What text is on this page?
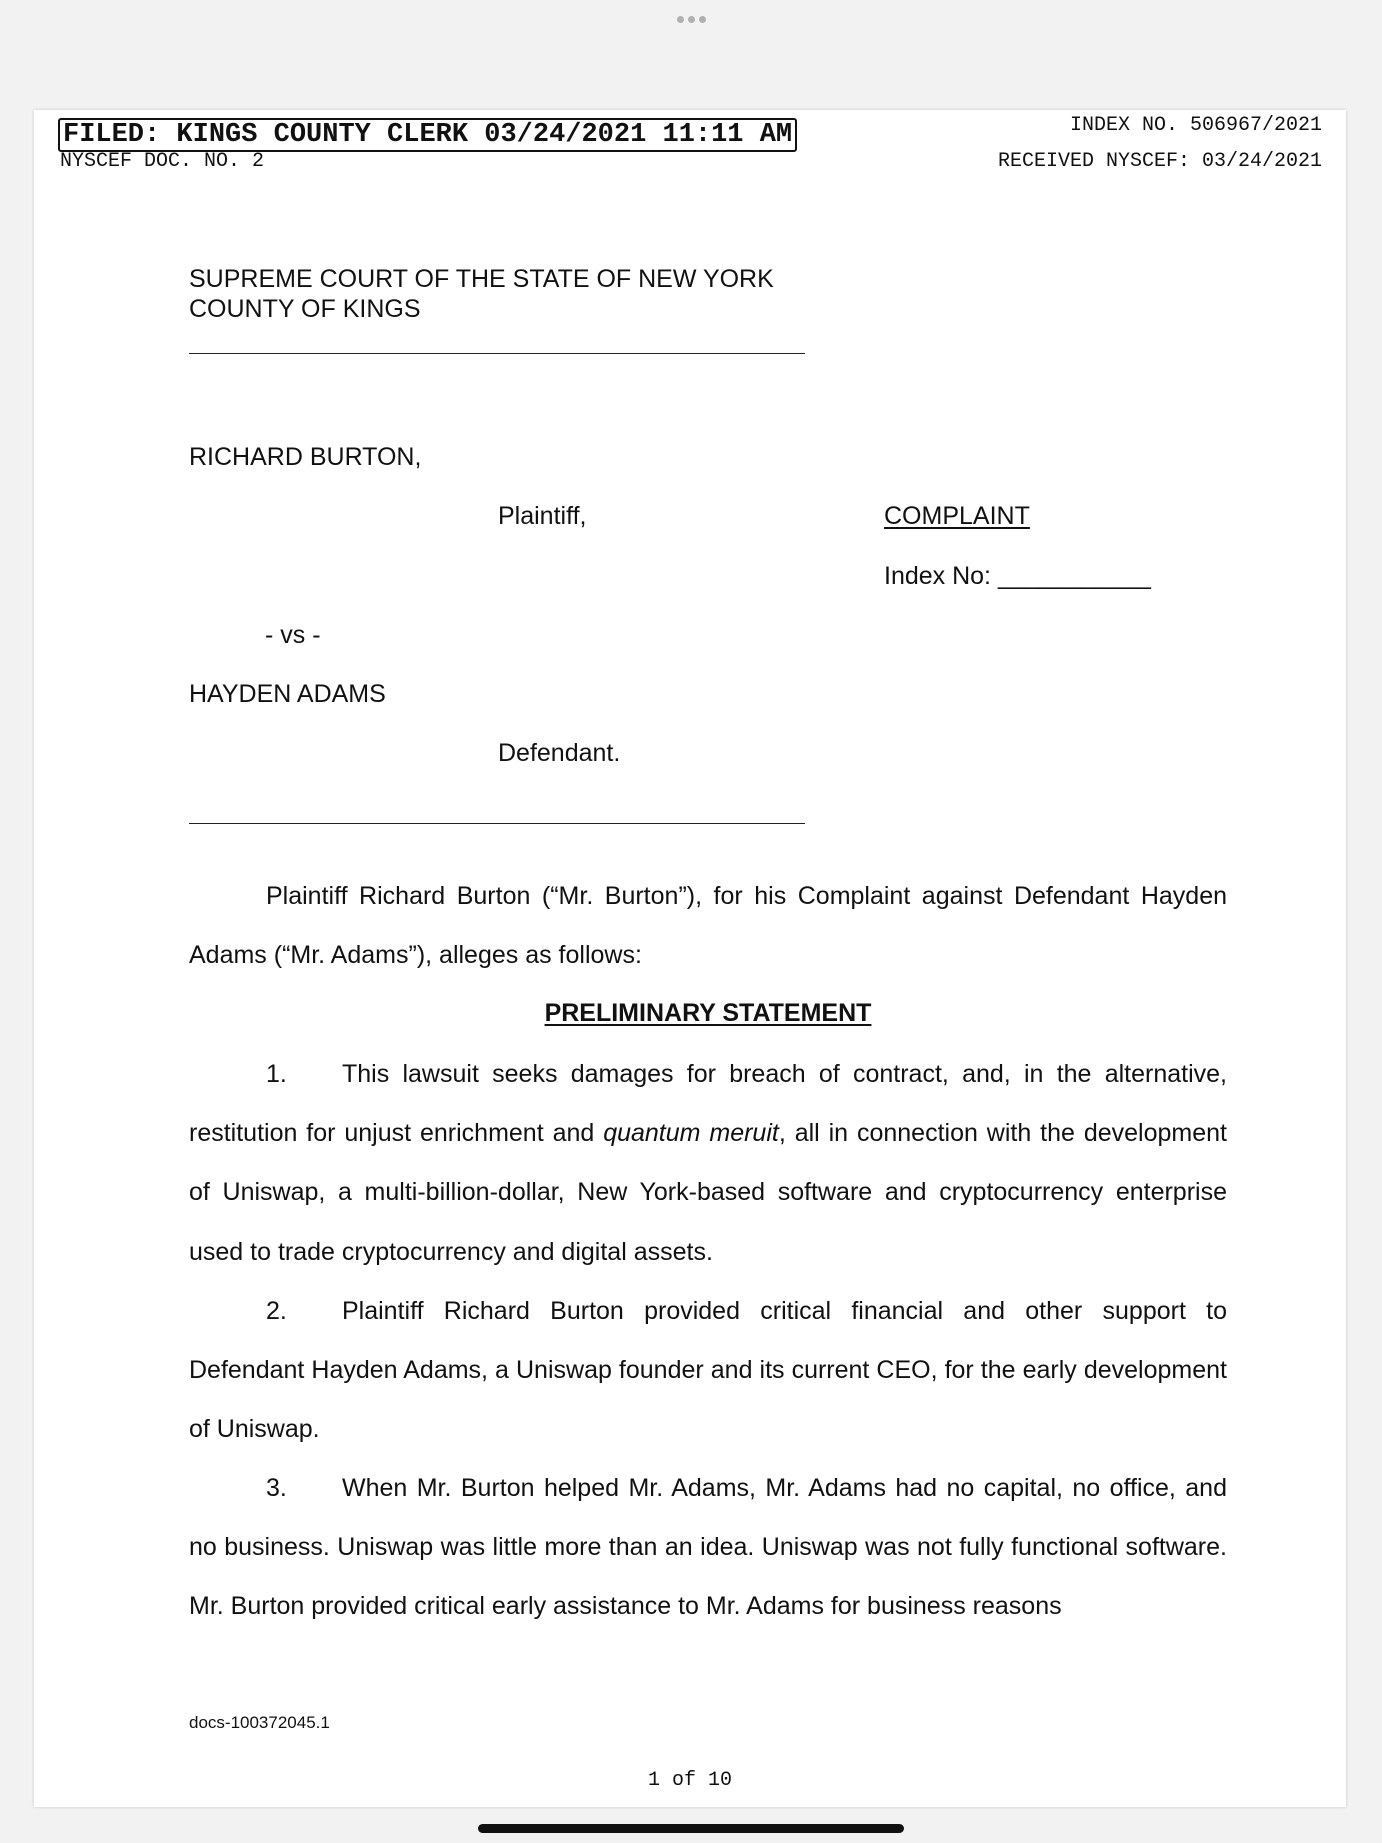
FILED: KINGS COUNTY CLERK 03/24/2021 11:11 AM
NYSCEF DOC. NO. 2
INDEX NO. 506967/2021
RECEIVED NYSCEF: 03/24/2021
SUPREME COURT OF THE STATE OF NEW YORK
COUNTY OF KINGS
RICHARD BURTON,
Plaintiff,	COMPLAINT
Index No: ___________
- vs -
HAYDEN ADAMS
Defendant.
Plaintiff Richard Burton (“Mr. Burton”), for his Complaint against Defendant Hayden Adams (“Mr. Adams”), alleges as follows:
PRELIMINARY STATEMENT
1. This lawsuit seeks damages for breach of contract, and, in the alternative, restitution for unjust enrichment and quantum meruit, all in connection with the development of Uniswap, a multi-billion-dollar, New York-based software and cryptocurrency enterprise used to trade cryptocurrency and digital assets.
2. Plaintiff Richard Burton provided critical financial and other support to Defendant Hayden Adams, a Uniswap founder and its current CEO, for the early development of Uniswap.
3. When Mr. Burton helped Mr. Adams, Mr. Adams had no capital, no office, and no business. Uniswap was little more than an idea. Uniswap was not fully functional software. Mr. Burton provided critical early assistance to Mr. Adams for business reasons
docs-100372045.1
1 of 10
